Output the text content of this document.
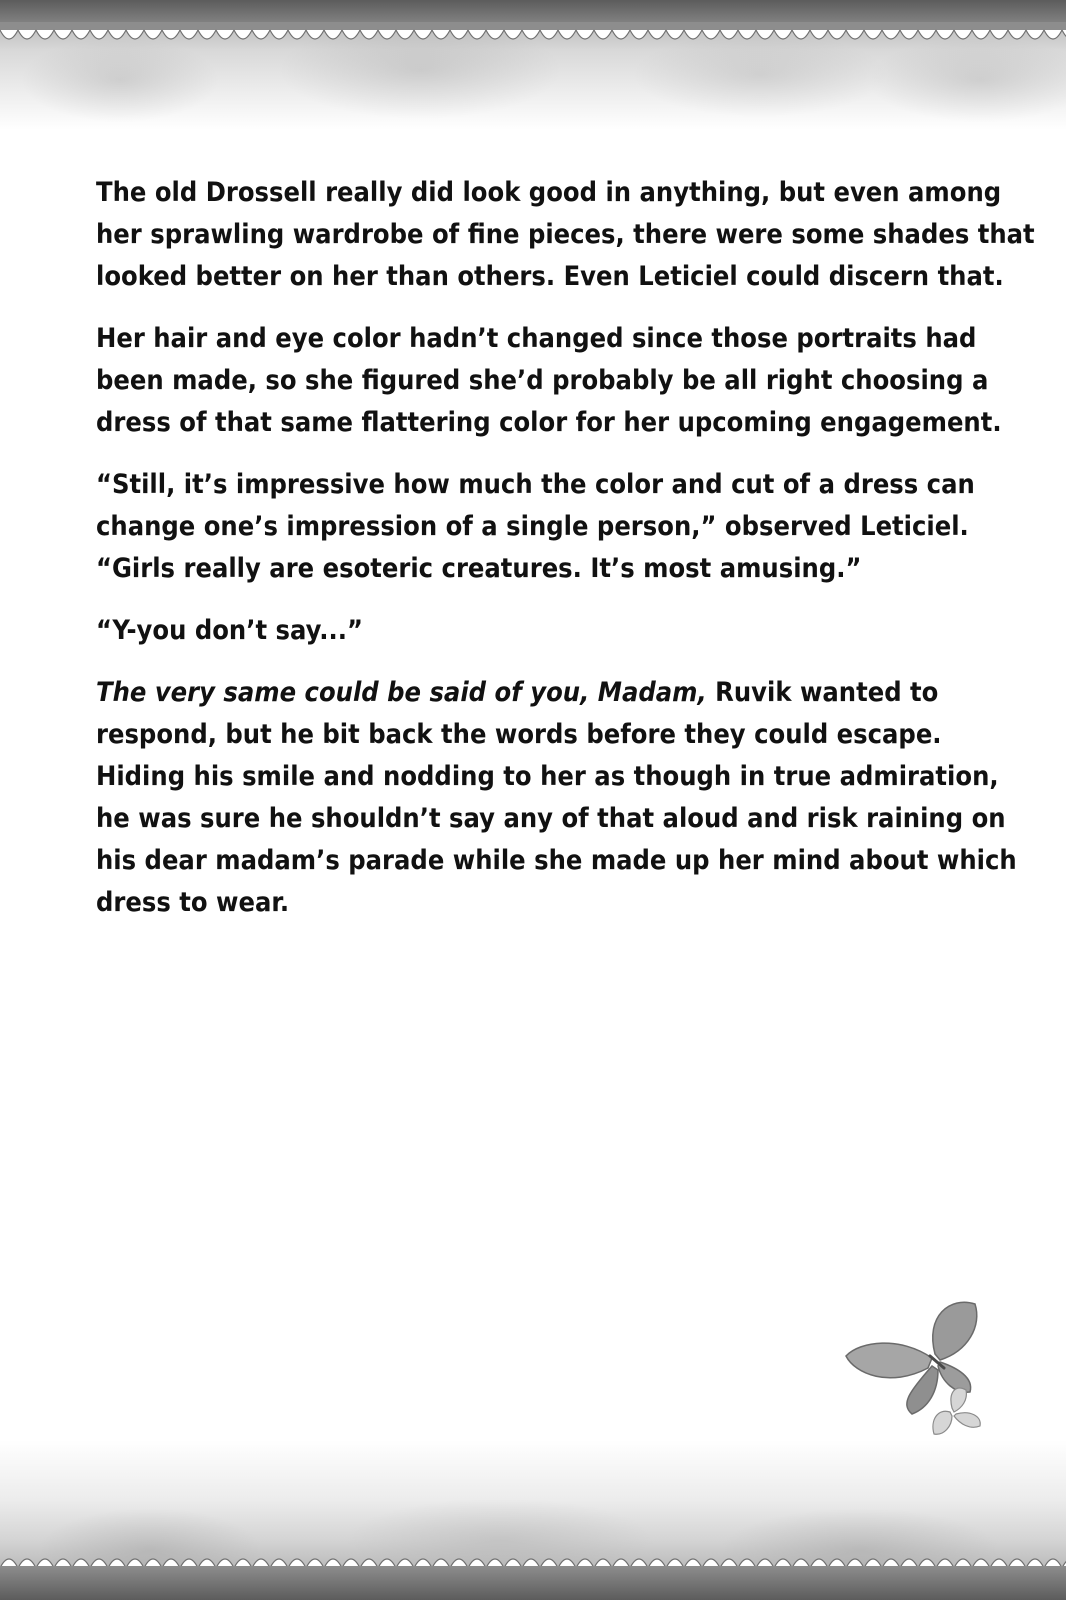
The old Drossell really did look good in anything, but even among
her sprawling wardrobe of fine pieces, there were some shades that
looked better on her than others. Even Leticiel could discern that.

Her hair and eye color hadn’t changed since those portraits had
been made, so she figured she’d probably be all right choosing a
dress of that same flattering color for her upcoming engagement.

“Still, it’s impressive how much the color and cut of a dress can
change one’s impression of a single person,” observed Leticiel.
“Girls really are esoteric creatures. It’s most amusing.”

“Y-you don’t say...”

The very same could be said of you, Madam, Ruvik wanted to
respond, but he bit back the words before they could escape.
Hiding his smile and nodding to her as though in true admiration,
he was sure he shouldn’t say any of that aloud and risk raining on
his dear madam’s parade while she made up her mind about which
dress to wear.
